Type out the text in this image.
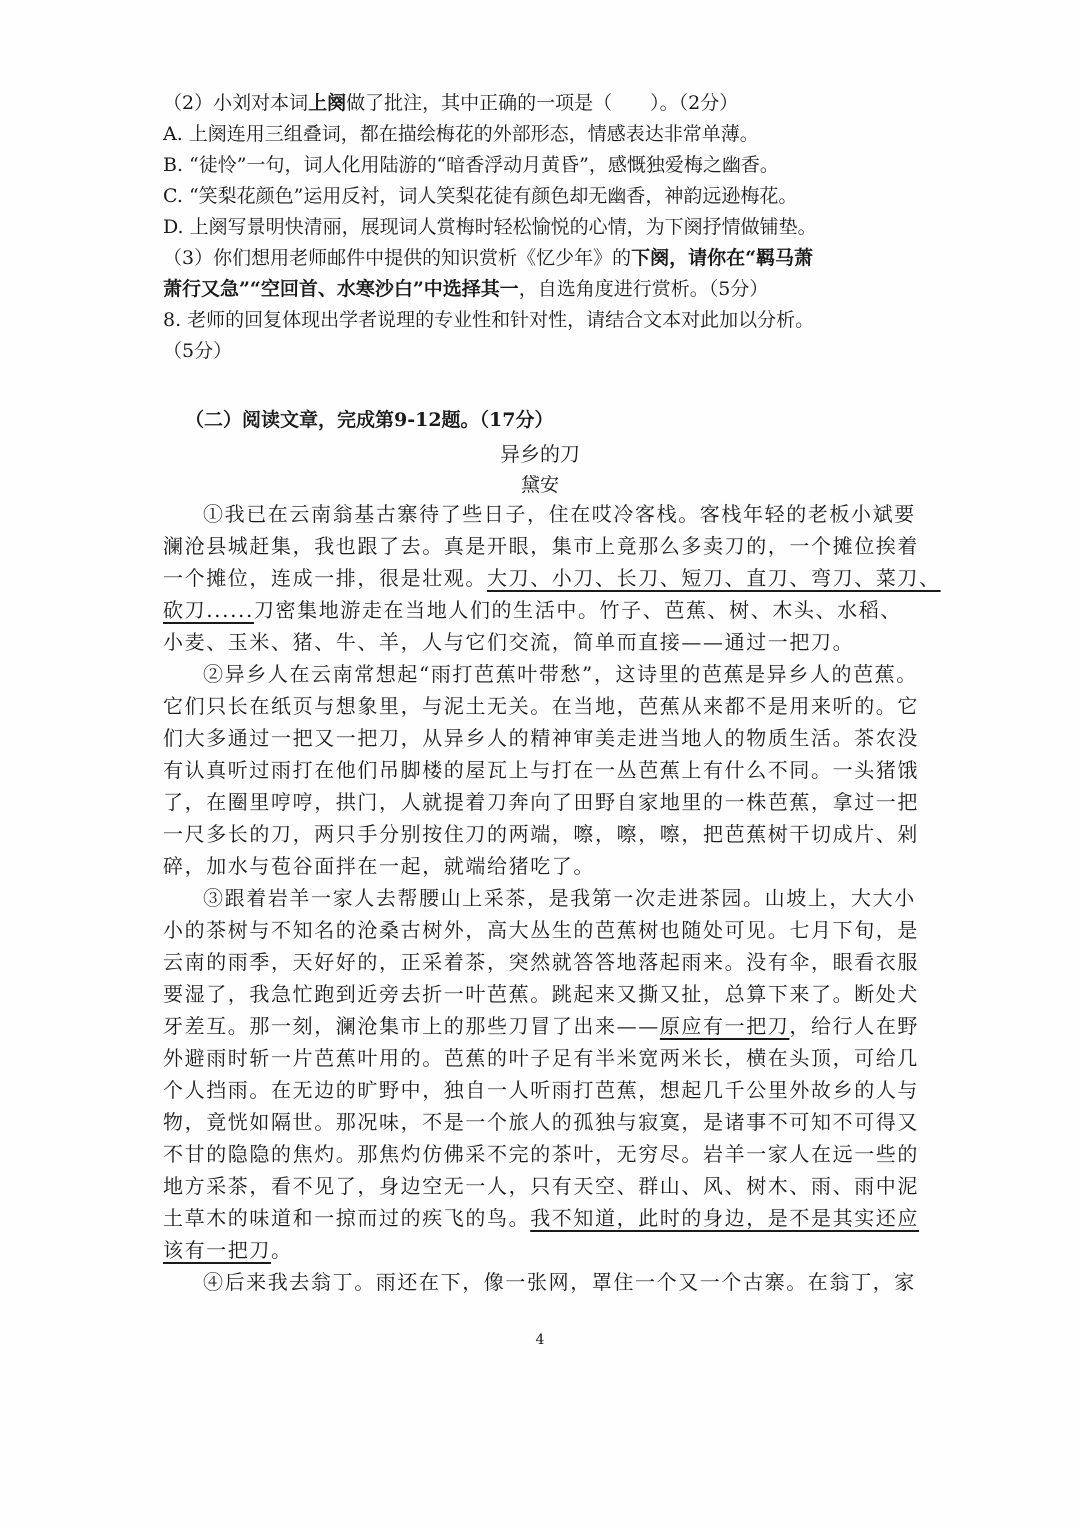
（2）小刘对本词上阕做了批注，其中正确的一项是（　　）。（2分）
A. 上阕连用三组叠词，都在描绘梅花的外部形态，情感表达非常单薄。
B. “徒怜”一句，词人化用陆游的“暗香浮动月黄昏”，感慨独爱梅之幽香。
C. “笑梨花颜色”运用反衬，词人笑梨花徒有颜色却无幽香，神韵远逊梅花。
D. 上阕写景明快清丽，展现词人赏梅时轻松愉悦的心情，为下阕抒情做铺垫。
（3）你们想用老师邮件中提供的知识赏析《忆少年》的下阕，请你在“羁马萧
萧行又急”“空回首、水寒沙白”中选择其一，自选角度进行赏析。（5分）
8. 老师的回复体现出学者说理的专业性和针对性，请结合文本对此加以分析。
（5分）
（二）阅读文章，完成第9-12题。（17分）
异乡的刀
黛安
①我已在云南翁基古寨待了些日子，住在哎冷客栈。客栈年轻的老板小斌要
澜沧县城赶集，我也跟了去。真是开眼，集市上竟那么多卖刀的，一个摊位挨着
一个摊位，连成一排，很是壮观。大刀、小刀、长刀、短刀、直刀、弯刀、菜刀、
砍刀......刀密集地游走在当地人们的生活中。竹子、芭蕉、树、木头、水稻、
小麦、玉米、猪、牛、羊，人与它们交流，简单而直接——通过一把刀。
②异乡人在云南常想起“雨打芭蕉叶带愁”，这诗里的芭蕉是异乡人的芭蕉。
它们只长在纸页与想象里，与泥土无关。在当地，芭蕉从来都不是用来听的。它
们大多通过一把又一把刀，从异乡人的精神审美走进当地人的物质生活。茶农没
有认真听过雨打在他们吊脚楼的屋瓦上与打在一丛芭蕉上有什么不同。一头猪饿
了，在圈里哼哼，拱门，人就提着刀奔向了田野自家地里的一株芭蕉，拿过一把
一尺多长的刀，两只手分别按住刀的两端，嚓，嚓，嚓，把芭蕉树干切成片、剁
碎，加水与苞谷面拌在一起，就端给猪吃了。
③跟着岩羊一家人去帮腰山上采茶，是我第一次走进茶园。山坡上，大大小
小的茶树与不知名的沧桑古树外，高大丛生的芭蕉树也随处可见。七月下旬，是
云南的雨季，天好好的，正采着茶，突然就答答地落起雨来。没有伞，眼看衣服
要湿了，我急忙跑到近旁去折一叶芭蕉。跳起来又撕又扯，总算下来了。断处犬
牙差互。那一刻，澜沧集市上的那些刀冒了出来——原应有一把刀，给行人在野
外避雨时斩一片芭蕉叶用的。芭蕉的叶子足有半米宽两米长，横在头顶，可给几
个人挡雨。在无边的旷野中，独自一人听雨打芭蕉，想起几千公里外故乡的人与
物，竟恍如隔世。那况味，不是一个旅人的孤独与寂寞，是诸事不可知不可得又
不甘的隐隐的焦灼。那焦灼仿佛采不完的茶叶，无穷尽。岩羊一家人在远一些的
地方采茶，看不见了，身边空无一人，只有天空、群山、风、树木、雨、雨中泥
土草木的味道和一掠而过的疾飞的鸟。我不知道，此时的身边，是不是其实还应
该有一把刀。
④后来我去翁丁。雨还在下，像一张网，罩住一个又一个古寨。在翁丁，家
4
